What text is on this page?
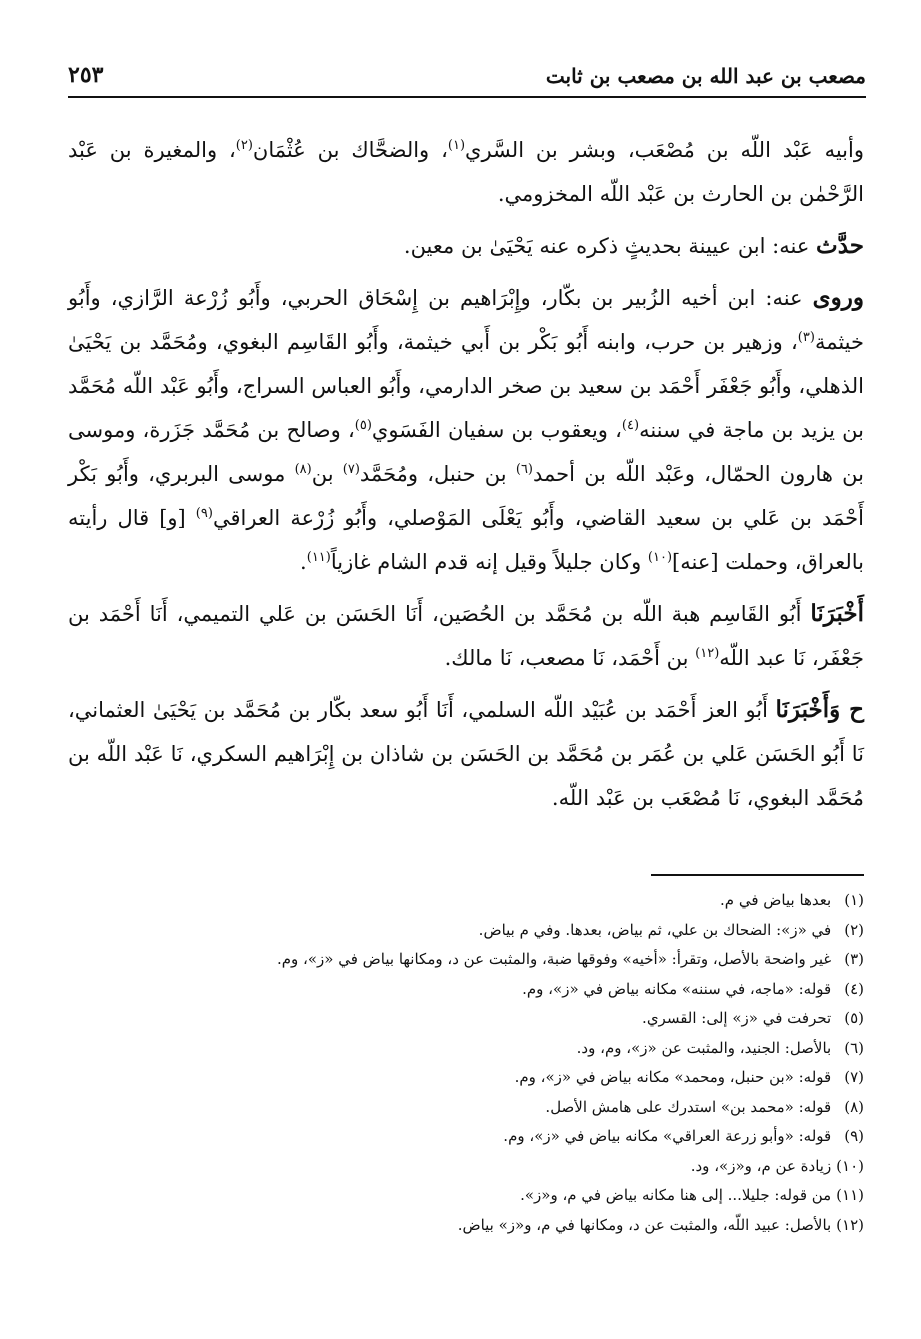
مصعب بن عبد الله بن مصعب بن ثابت
٢٥٣

وأبيه عَبْد اللّه بن مُصْعَب، وبشر بن السَّري$^{(١)}$، والضحَّاك بن عُثْمَان$^{(٢)}$، والمغيرة بن عَبْد الرَّحْمٰن بن الحارث بن عَبْد اللّه المخزومي.

حدَّث عنه: ابن عيينة بحديثٍ ذكره عنه يَحْيَىٰ بن معين.

وروى عنه: ابن أخيه الزُبير بن بكّار، وإِبْرَاهيم بن إِسْحَاق الحربي، وأَبُو زُرْعة الرَّازي، وأَبُو خيثمة$^{(٣)}$، وزهير بن حرب، وابنه أَبُو بَكْر بن أَبي خيثمة، وأَبُو القَاسِم البغوي، ومُحَمَّد بن يَحْيَىٰ الذهلي، وأَبُو جَعْفَر أَحْمَد بن سعيد بن صخر الدارمي، وأَبُو العباس السراج، وأَبُو عَبْد اللّه مُحَمَّد بن يزيد بن ماجة في سننه$^{(٤)}$، ويعقوب بن سفيان الفَسَوي$^{(٥)}$، وصالح بن مُحَمَّد جَزَرة، وموسى بن هارون الحمّال، وعَبْد اللّه بن أحمد$^{(٦)}$ بن حنبل، ومُحَمَّد$^{(٧)}$ بن$^{(٨)}$ موسى البربري، وأَبُو بَكْر أَحْمَد بن عَلي بن سعيد القاضي، وأَبُو يَعْلَى المَوْصلي، وأَبُو زُرْعة العراقي$^{(٩)}$ [و] قال رأيته بالعراق، وحملت [عنه]$^{(١٠)}$ وكان جليلاً وقيل إنه قدم الشام غازياً$^{(١١)}$.

أَخْبَرَنَا أَبُو القَاسِم هبة اللّه بن مُحَمَّد بن الحُصَين، أَنَا الحَسَن بن عَلي التميمي، أَنَا أَحْمَد بن جَعْفَر، نَا عبد اللّه$^{(١٢)}$ بن أَحْمَد، نَا مصعب، نَا مالك.

ح وَأَخْبَرَنَا أَبُو العز أَحْمَد بن عُبَيْد اللّه السلمي، أَنَا أَبُو سعد بكّار بن مُحَمَّد بن يَحْيَىٰ العثماني، نَا أَبُو الحَسَن عَلي بن عُمَر بن مُحَمَّد بن الحَسَن بن شاذان بن إِبْرَاهيم السكري، نَا عَبْد اللّه بن مُحَمَّد البغوي، نَا مُصْعَب بن عَبْد اللّه.

(١) بعدها بياض في م.
(٢) في «ز»: الضحاك بن علي، ثم بياض، بعدها. وفي م بياض.
(٣) غير واضحة بالأصل، وتقرأ: «أخيه» وفوقها ضبة، والمثبت عن د، ومكانها بياض في «ز»، وم.
(٤) قوله: «ماجه، في سننه» مكانه بياض في «ز»، وم.
(٥) تحرفت في «ز» إلى: القسري.
(٦) بالأصل: الجنيد، والمثبت عن «ز»، وم، ود.
(٧) قوله: «بن حنبل، ومحمد» مكانه بياض في «ز»، وم.
(٨) قوله: «محمد بن» استدرك على هامش الأصل.
(٩) قوله: «وأبو زرعة العراقي» مكانه بياض في «ز»، وم.
(١٠) زيادة عن م، و«ز»، ود.
(١١) من قوله: جليلا... إلى هنا مكانه بياض في م، و«ز».
(١٢) بالأصل: عبيد اللّه، والمثبت عن د، ومكانها في م، و«ز» بياض.
